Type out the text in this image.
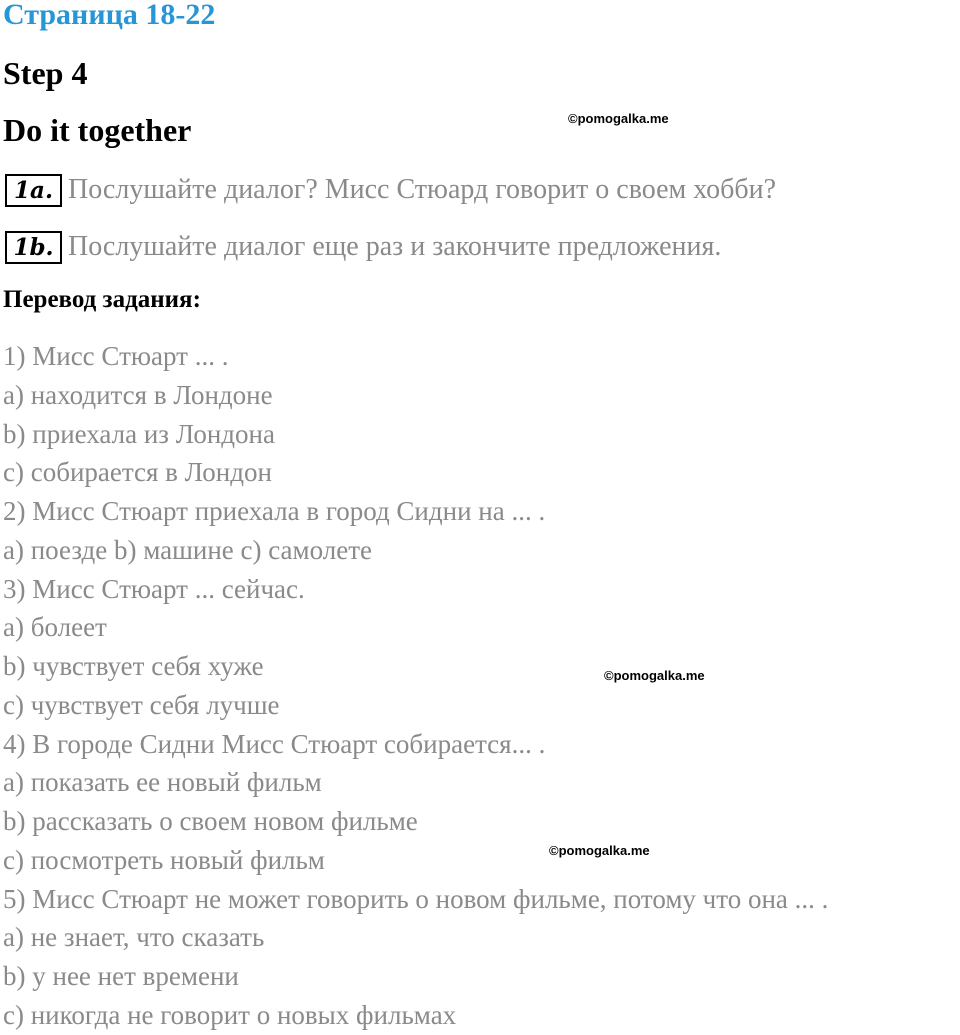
Страница 18-22
Step 4
Do it together	©pomogalka.me
1a. Послушайте диалог? Мисс Стюард говорит о своем хобби?
1b. Послушайте диалог еще раз и закончите предложения.
Перевод задания:
1) Мисс Стюарт ... .
a) находится в Лондоне
b) приехала из Лондона
c) собирается в Лондон
2) Мисс Стюарт приехала в город Сидни на ... .
a) поезде b) машине c) самолете
3) Мисс Стюарт ... сейчас.
a) болеет
b) чувствует себя хуже
c) чувствует себя лучше
4) В городе Сидни Мисс Стюарт собирается... .
a) показать ее новый фильм
b) рассказать о своем новом фильме
c) посмотреть новый фильм
5) Мисс Стюарт не может говорить о новом фильме, потому что она ... .
a) не знает, что сказать
b) у нее нет времени
c) никогда не говорит о новых фильмах
©pomogalka.me
©pomogalka.me
